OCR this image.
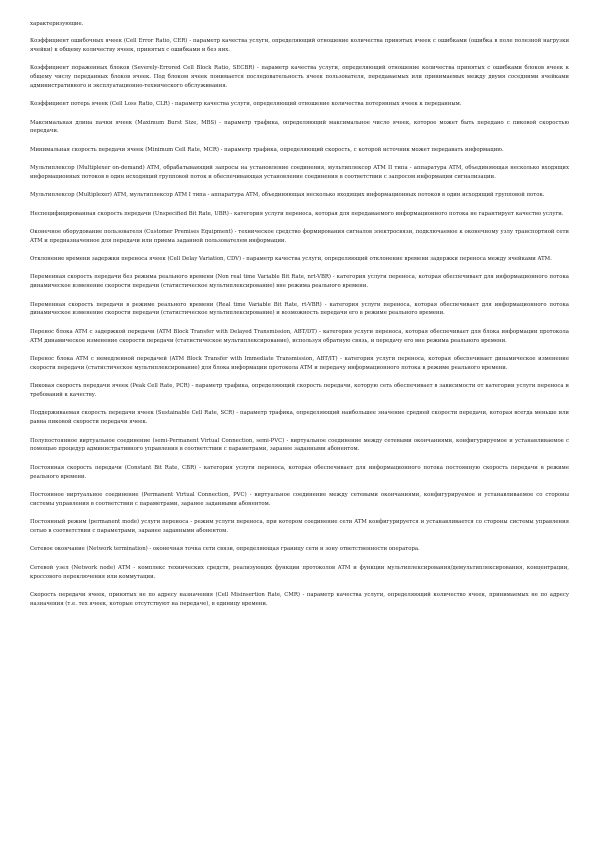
характеризующие.

Коэффициент ошибочных ячеек (Cell Error Ratio, CER) - параметр качества услуги, определяющий отношение количества принятых ячеек с ошибками (ошибка в поле полезной нагрузки ячейки) к общему количеству ячеек, принятых с ошибками и без них.

Коэффициент пораженных блоков (Severely-Errored Cell Block Ratio, SECBR) - параметр качества услуги, определяющий отношение количества принятых с ошибками блоков ячеек к общему числу переданных блоков ячеек. Под блоком ячеек понимается последовательность ячеек пользователя, передаваемых или принимаемых между двумя соседними ячейками административного и эксплуатационно-технического обслуживания.

Коэффициент потерь ячеек (Cell Loss Ratio, CLR) - параметр качества услуги, определяющий отношение количества потерянных ячеек к переданным.

Максимальная длина пачки ячеек (Maximum Burst Size, MBS) - параметр трафика, определяющий максимальное число ячеек, которое может быть передано с пиковой скоростью передачи.

Минимальная скорость передачи ячеек (Minimum Cell Rate, MCR) - параметр трафика, определяющий скорость, с которой источник может передавать информацию.

Мультиплексор (Multiplexer on-demand) ATM, обрабатывающий запросы на установление соединения, мультиплексор ATM II типа - аппаратура ATM, объединяющая несколько входящих информационных потоков в один исходящий групповой поток и обеспечивающая установление соединения в соответствии с запросом информации сигнализации.

Мультиплексор (Multiplexer) ATM, мультиплексор ATM I типа - аппаратура ATM, объединяющая несколько входящих информационных потоков в один исходящий групповой поток.

Неспецифицированная скорость передачи (Unspecified Bit Rate, UBR) - категория услуги переноса, которая для передаваемого информационного потока не гарантирует качество услуги.

Оконечное оборудование пользователя (Customer Premises Equipment) - техническое средство формирования сигналов электросвязи, подключаемое к оконечному узлу транспортной сети ATM и предназначенное для передачи или приема заданной пользователем информации.

Отклонение времени задержки переноса ячеек (Cell Delay Variation, CDV) - параметр качества услуги, определяющий отклонение времени задержки переноса между ячейками ATM.

Переменная скорость передачи без режима реального времени (Non real time Variable Bit Rate, nrt-VBR) - категория услуги переноса, которая обеспечивает для информационного потока динамическое изменение скорости передачи (статистическое мультиплексирование) вне режима реального времени.

Переменная скорость передачи в режиме реального времени (Real time Variable Bit Rate, rt-VBR) - категория услуги переноса, которая обеспечивает для информационного потока динамическое изменение скорости передачи (статистическое мультиплексирование) и возможность передачи его в режиме реального времени.

Перенос блока ATM с задержкой передачи (ATM Block Transfer with Delayed Transmission, ABT/DT) - категория услуги переноса, которая обеспечивает для блока информации протокола ATM динамическое изменение скорости передачи (статистическое мультиплексирование), используя обратную связь, и передачу его вне режима реального времени.

Перенос блока ATM с немедленной передачей (ATM Block Transfer with Immediate Transmission, ABT/IT) - категория услуги переноса, которая обеспечивает динамическое изменение скорости передачи (статистическое мультиплексирование) для блока информации протокола ATM и передачу информационного потока в режиме реального времени.

Пиковая скорость передачи ячеек (Peak Cell Rate, PCR) - параметр трафика, определяющий скорость передачи, которую сеть обеспечивает в зависимости от категории услуги переноса и требований к качеству.

Поддерживаемая скорость передачи ячеек (Sustainable Cell Rate, SCR) - параметр трафика, определяющий наибольшее значение средней скорости передачи, которая всегда меньше или равна пиковой скорости передачи ячеек.

Полупостоянное виртуальное соединение (semi-Permanent Virtual Connection, semi-PVC) - виртуальное соединение между сетевыми окончаниями, конфигурируемое и устанавливаемое с помощью процедур административного управления в соответствии с параметрами, заранее заданными абонентом.

Постоянная скорость передачи (Constant Bit Rate, CBR) - категория услуги переноса, которая обеспечивает для информационного потока постоянную скорость передачи в режиме реального времени.

Постоянное виртуальное соединение (Permanent Virtual Connection, PVC) - виртуальное соединение между сетевыми окончаниями, конфигурируемое и устанавливаемое со стороны системы управления в соответствии с параметрами, заранее заданными абонентом.

Постоянный режим (permanent mode) услуги переноса - режим услуги переноса, при котором соединение сети ATM конфигурируется и устанавливается со стороны системы управления сетью в соответствии с параметрами, заранее заданными абонентом.

Сетевое окончание (Network termination) - оконечная точка сети связи, определяющая границу сети и зону ответственности оператора.

Сетевой узел (Network node) ATM - комплекс технических средств, реализующих функции протоколов ATM и функции мультиплексирования/демультиплексирования, концентрации, кроссового переключения или коммутации.

Скорость передачи ячеек, принятых не по адресу назначения (Cell Misinsertion Rate, CMR) - параметр качества услуги, определяющий количество ячеек, принимаемых не по адресу назначения (т.е. тех ячеек, которые отсутствуют на передаче), в единицу времени.
